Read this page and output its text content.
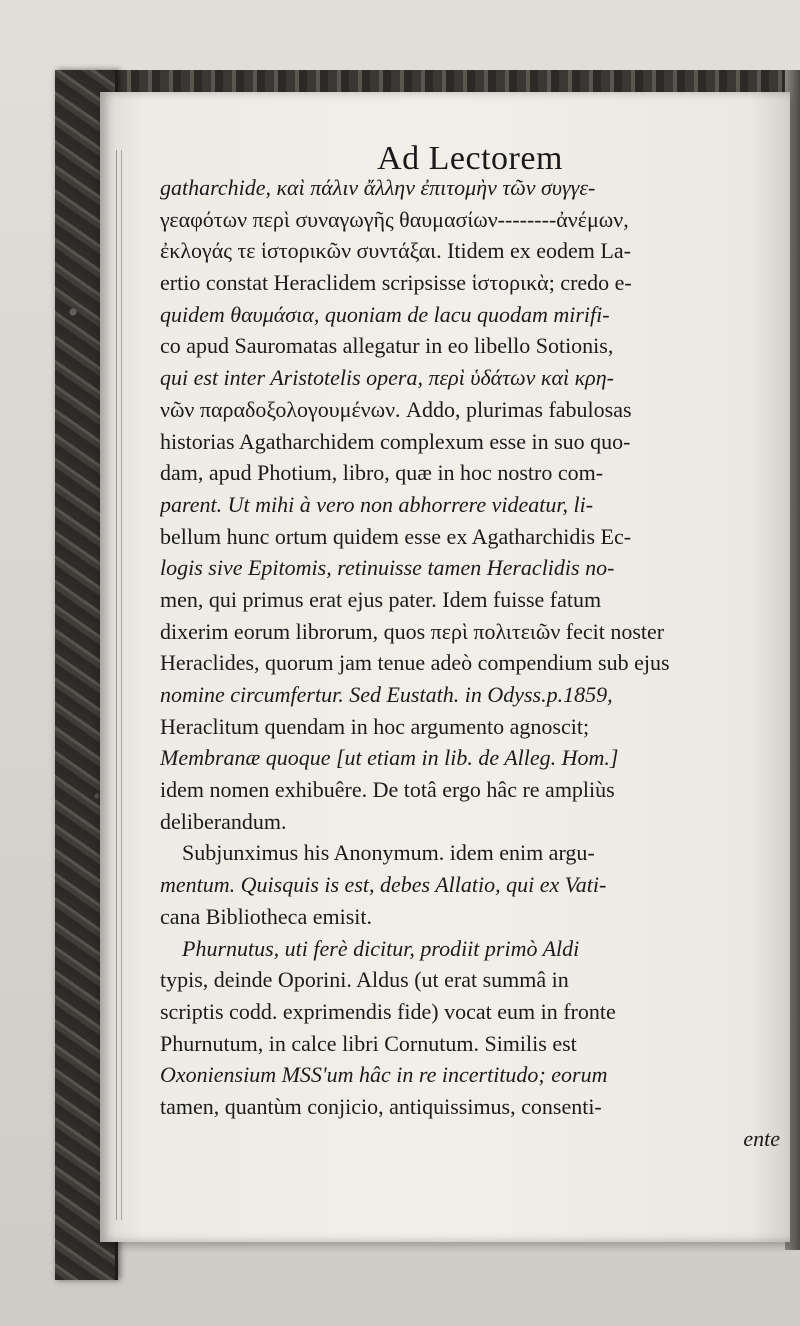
Ad Lectorem
gatharchide, καὶ πάλιν ἄλλην ἐπιτομὴν τῶν συγγε-
γεαφότων περὶ συναγωγῆς θαυμασίων--------ἀνέμων,
ἐκλογάς τε ἱστορικῶν συντάξαι. Itidem ex eodem La-
ertio constat Heraclidem scripsisse ἱστορικὰ; credo e-
quidem θαυμάσια, quoniam de lacu quodam mirifi-
co apud Sauromatas allegatur in eo libello Sotionis,
qui est inter Aristotelis opera, περὶ ὑδάτων καὶ κρη-
νῶν παραδοξολογουμένων. Addo, plurimas fabulosas
historias Agatharchidem complexum esse in suo quo-
dam, apud Photium, libro, quæ in hoc nostro com-
parent. Ut mihi à vero non abhorrere videatur, li-
bellum hunc ortum quidem esse ex Agatharchidis Ec-
logis sive Epitomis, retinuisse tamen Heraclidis no-
men, qui primus erat ejus pater. Idem fuisse fatum
dixerim eorum librorum, quos περὶ πολιτειῶν fecit noster
Heraclides, quorum jam tenue adeò compendium sub ejus
nomine circumfertur. Sed Eustath. in Odyss.p.1859,
Heraclitum quendam in hoc argumento agnoscit;
Membranæ quoque [ut etiam in lib. de Alleg. Hom.]
idem nomen exhibuêre. De totâ ergo hâc re ampliùs
deliberandum.
Subjunximus his Anonymum. idem enim argu-
mentum. Quisquis is est, debes Allatio, qui ex Vati-
cana Bibliotheca emisit.
Phurnutus, uti ferè dicitur, prodiit primò Aldi
typis, deinde Oporini. Aldus (ut erat summâ in
scriptis codd. exprimendis fide) vocat eum in fronte
Phurnutum, in calce libri Cornutum. Similis est
Oxoniensium MSS'um hâc in re incertitudo; eorum
tamen, quantùm conjicio, antiquissimus, consenti-
ente
